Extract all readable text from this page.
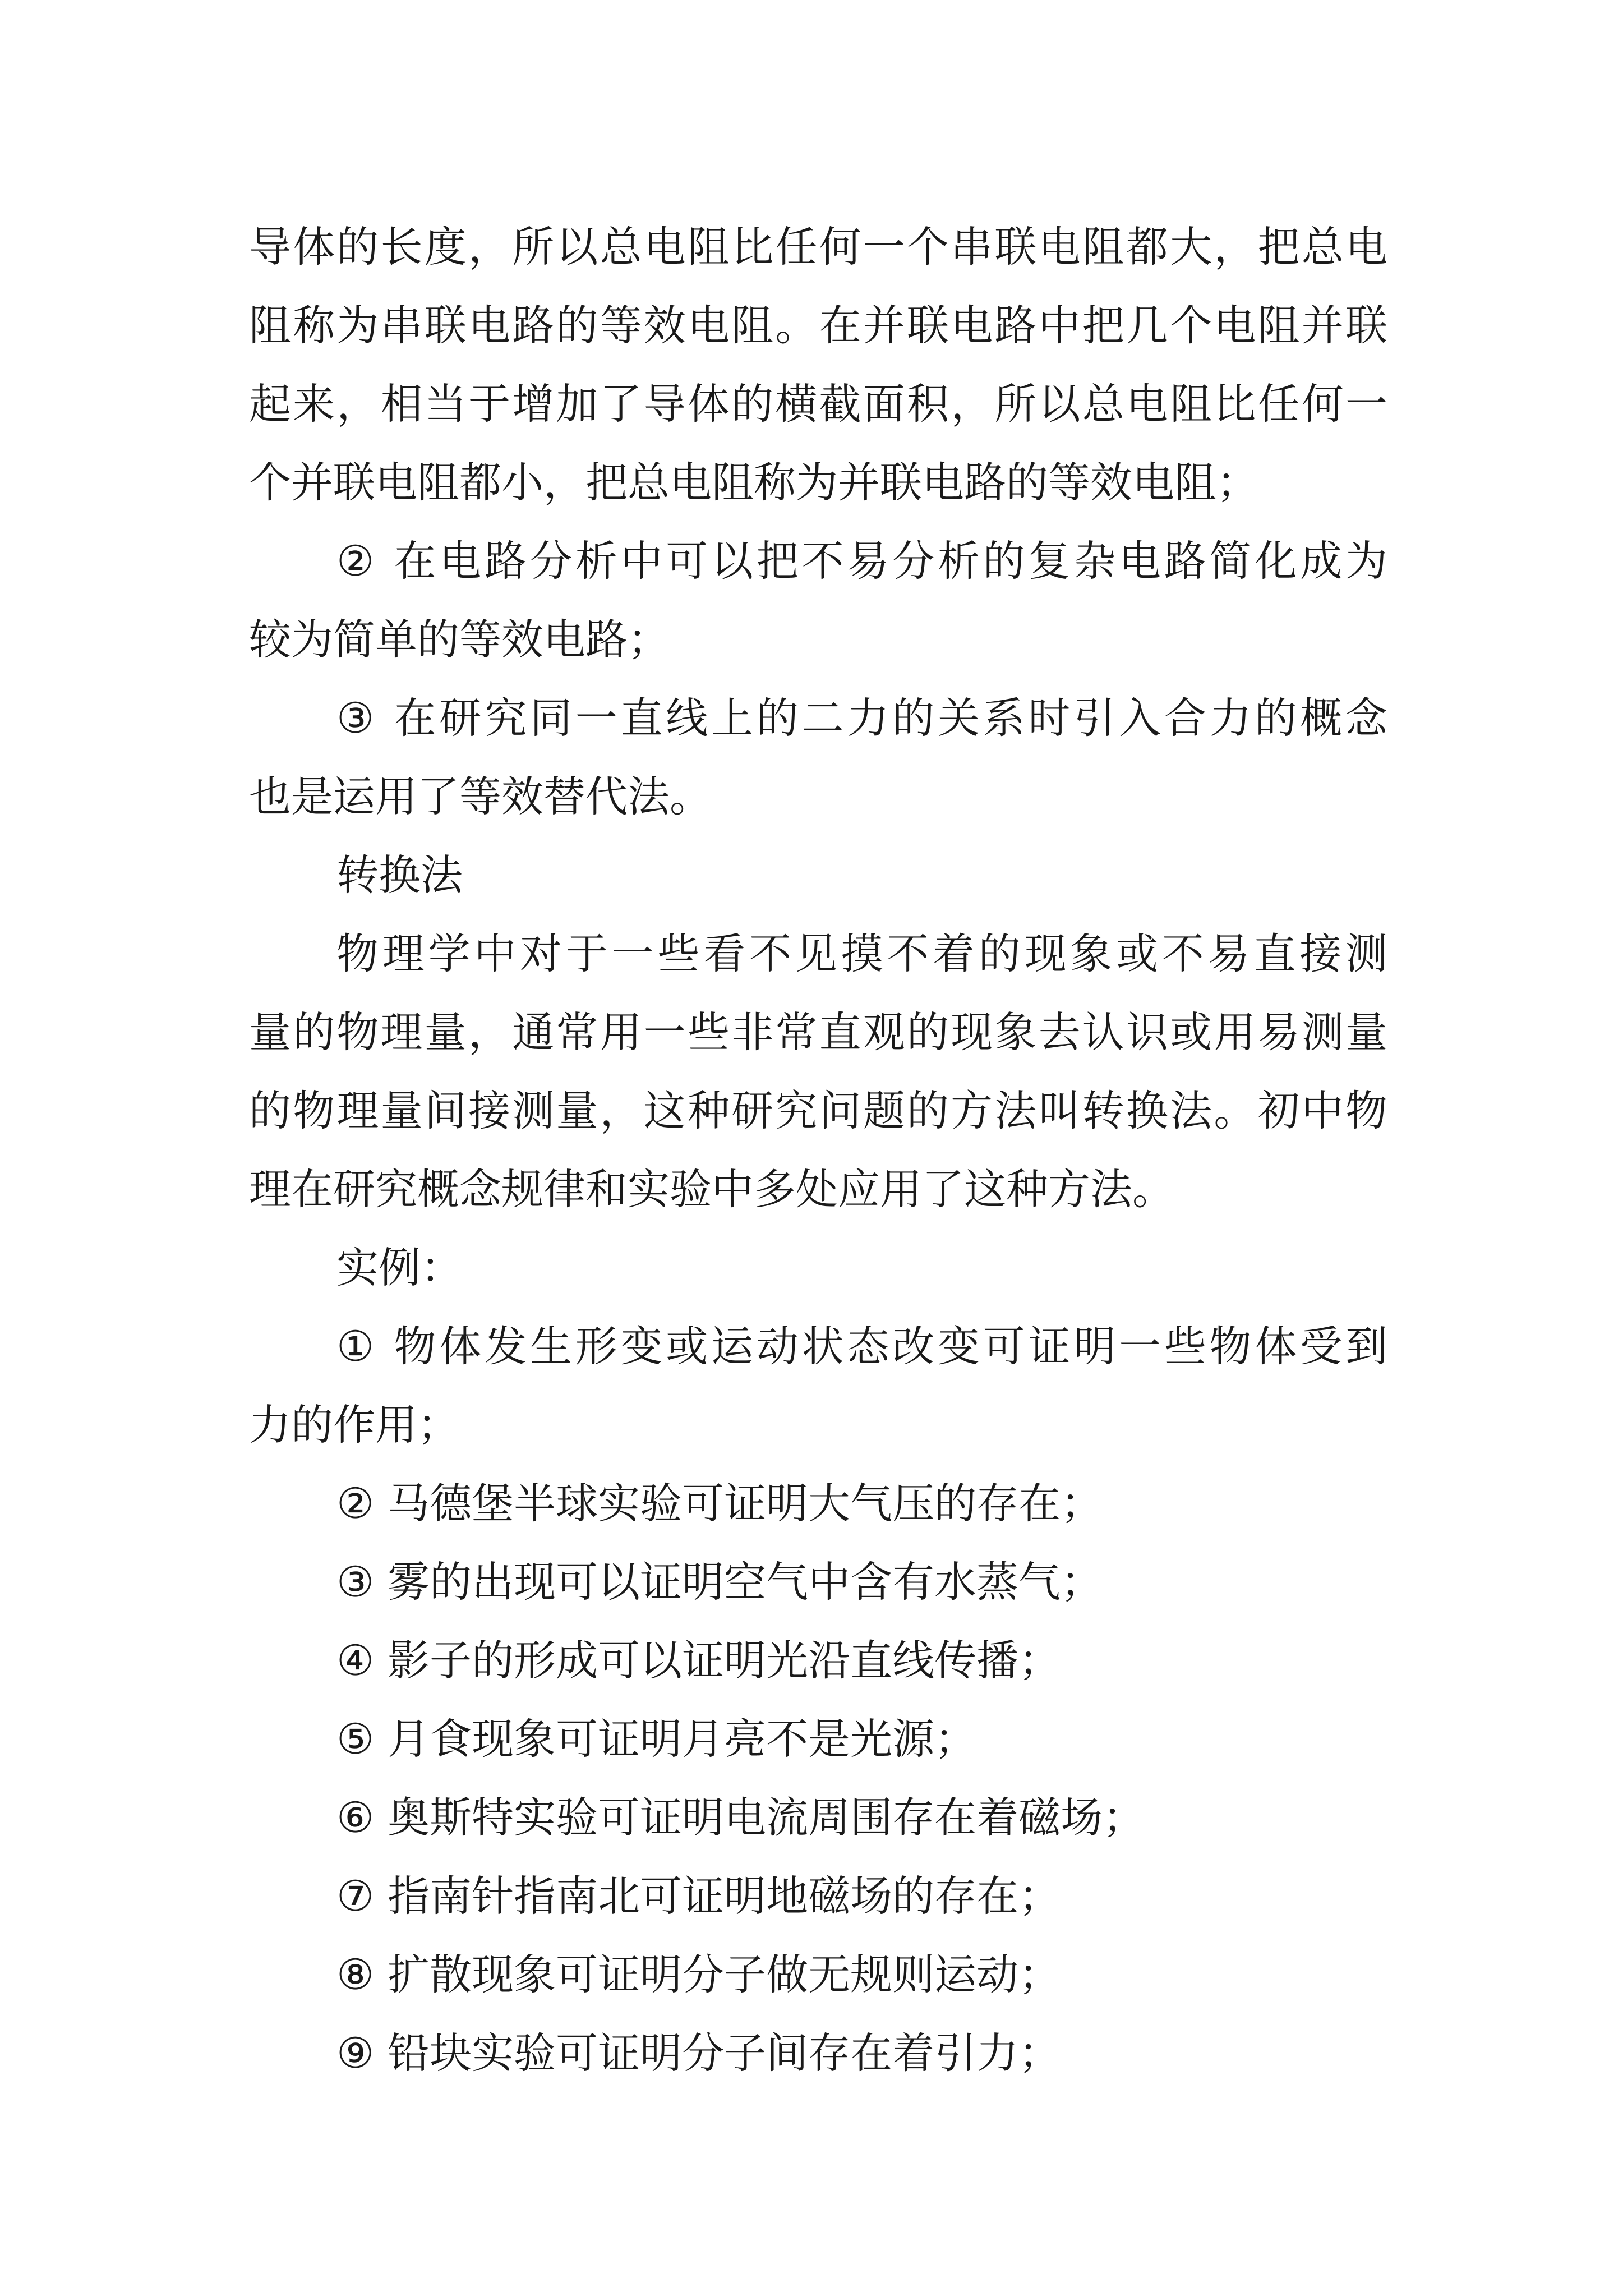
导体的长度，所以总电阻比任何一个串联电阻都大，把总电
阻称为串联电路的等效电阻。在并联电路中把几个电阻并联
起来，相当于增加了导体的横截面积，所以总电阻比任何一
个并联电阻都小，把总电阻称为并联电路的等效电阻；
② 在电路分析中可以把不易分析的复杂电路简化成为
较为简单的等效电路；
③ 在研究同一直线上的二力的关系时引入合力的概念
也是运用了等效替代法。
转换法
物理学中对于一些看不见摸不着的现象或不易直接测
量的物理量，通常用一些非常直观的现象去认识或用易测量
的物理量间接测量，这种研究问题的方法叫转换法。初中物
理在研究概念规律和实验中多处应用了这种方法。
实例：
① 物体发生形变或运动状态改变可证明一些物体受到
力的作用；
② 马德堡半球实验可证明大气压的存在；
③ 雾的出现可以证明空气中含有水蒸气；
④ 影子的形成可以证明光沿直线传播；
⑤ 月食现象可证明月亮不是光源；
⑥ 奥斯特实验可证明电流周围存在着磁场；
⑦ 指南针指南北可证明地磁场的存在；
⑧ 扩散现象可证明分子做无规则运动；
⑨ 铅块实验可证明分子间存在着引力；
